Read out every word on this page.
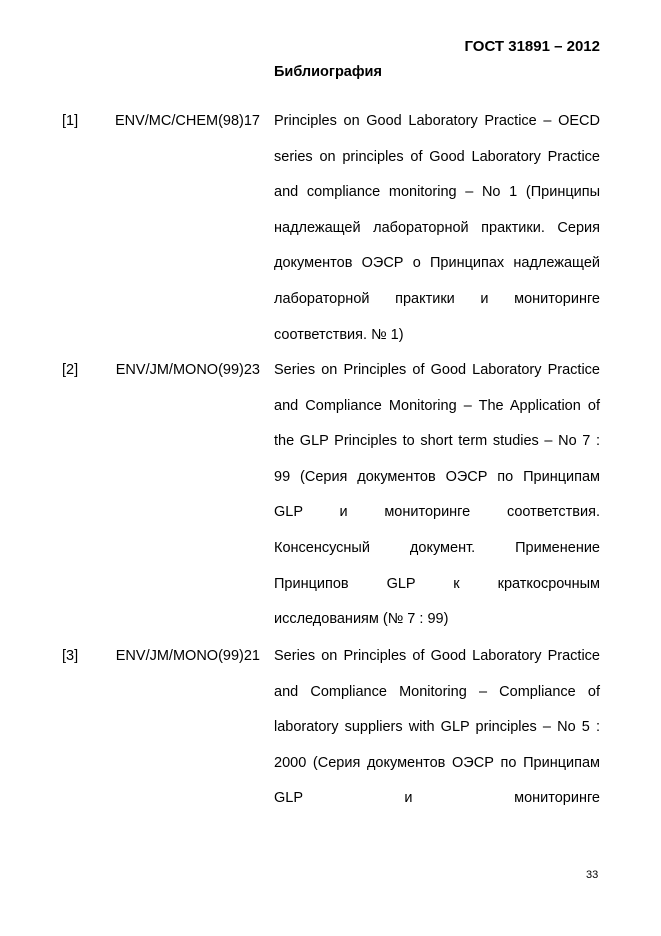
ГОСТ 31891 – 2012
Библиография
[1]	ENV/MC/CHEM(98)17 Principles on Good Laboratory Practice – OECD series on principles of Good Laboratory Practice and compliance monitoring – No 1 (Принципы надлежащей лабораторной практики. Серия документов ОЭСР о Принципах надлежащей лабораторной практики и мониторинге соответствия. № 1)

[2]	ENV/JM/MONO(99)23 Series on Principles of Good Laboratory Practice and Compliance Monitoring – The Application of the GLP Principles to short term studies – No 7 : 99 (Серия документов ОЭСР по Принципам GLP и мониторинге соответствия. Консенсусный документ. Применение Принципов GLP к краткосрочным исследованиям (№ 7 : 99)

[3]	ENV/JM/MONO(99)21 Series on Principles of Good Laboratory Practice and Compliance Monitoring – Compliance of laboratory suppliers with GLP principles – No 5 : 2000 (Серия документов ОЭСР по Принципам GLP и мониторинге

33
